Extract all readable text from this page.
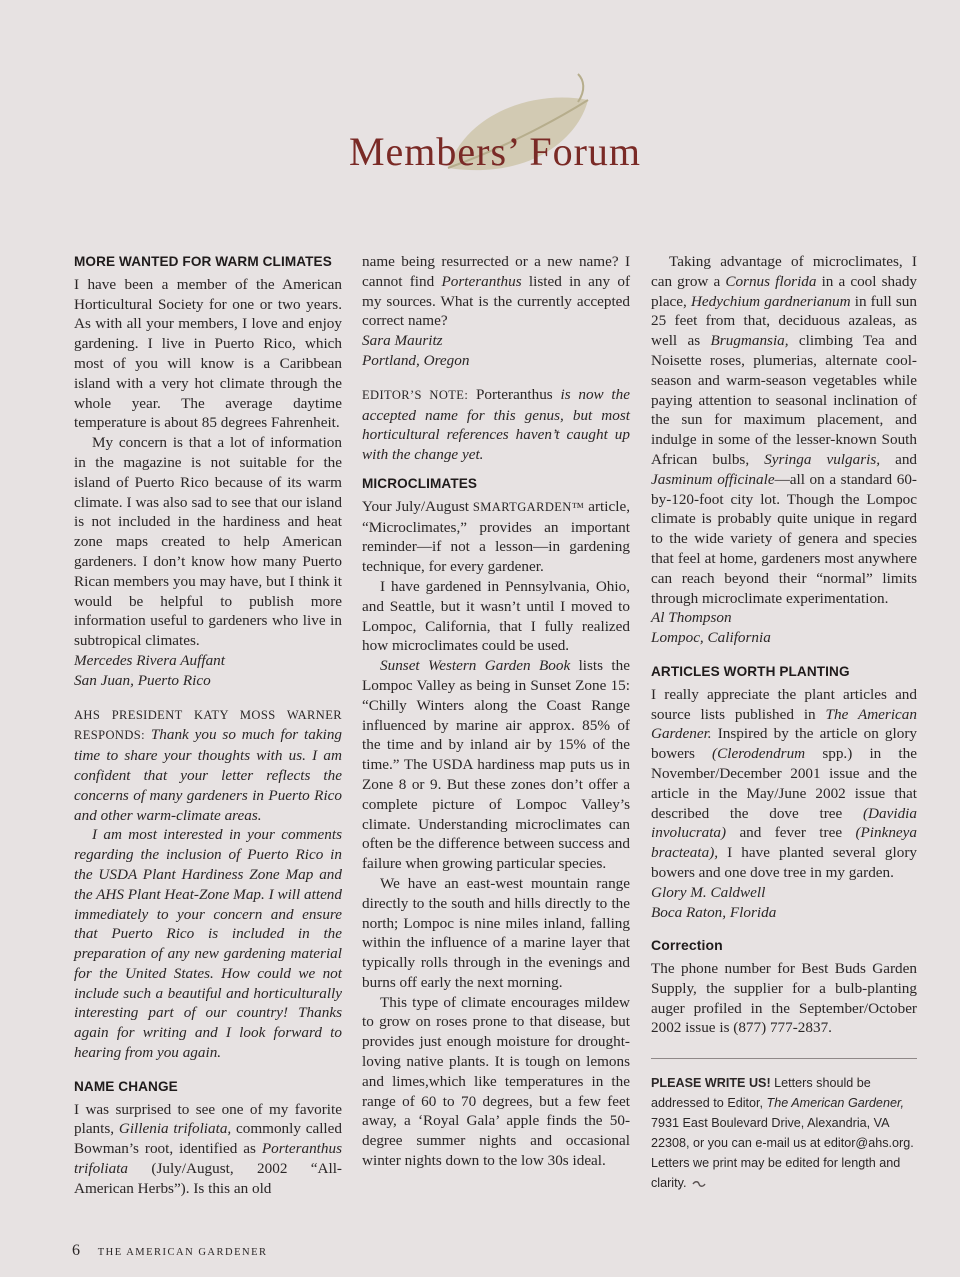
Members’ Forum
MORE WANTED FOR WARM CLIMATES

I have been a member of the American Horticultural Society for one or two years. As with all your members, I love and enjoy gardening. I live in Puerto Rico, which most of you will know is a Caribbean island with a very hot climate through the whole year. The average daytime temperature is about 85 degrees Fahrenheit.

My concern is that a lot of information in the magazine is not suitable for the island of Puerto Rico because of its warm climate. I was also sad to see that our island is not included in the hardiness and heat zone maps created to help American gardeners. I don’t know how many Puerto Rican members you may have, but I think it would be helpful to publish more information useful to gardeners who live in subtropical climates.

Mercedes Rivera Auffant

San Juan, Puerto Rico

AHS PRESIDENT KATY MOSS WARNER RESPONDS: Thank you so much for taking time to share your thoughts with us. I am confident that your letter reflects the concerns of many gardeners in Puerto Rico and other warm-climate areas.

I am most interested in your comments regarding the inclusion of Puerto Rico in the USDA Plant Hardiness Zone Map and the AHS Plant Heat-Zone Map. I will attend immediately to your concern and ensure that Puerto Rico is included in the preparation of any new gardening material for the United States. How could we not include such a beautiful and horticulturally interesting part of our country! Thanks again for writing and I look forward to hearing from you again.

NAME CHANGE

I was surprised to see one of my favorite plants, Gillenia trifoliata, commonly called Bowman’s root, identified as Porteranthus trifoliata (July/August, 2002 “All- American Herbs”). Is this an old

name being resurrected or a new name? I cannot find Porteranthus listed in any of my sources. What is the currently accepted correct name?

Sara Mauritz

Portland, Oregon

EDITOR’S NOTE: Porteranthus is now the accepted name for this genus, but most horticultural references haven’t caught up with the change yet.

MICROCLIMATES

Your July/August SMARTGARDEN™ article, “Microclimates,” provides an important reminder—if not a lesson—in gardening technique, for every gardener.

I have gardened in Pennsylvania, Ohio, and Seattle, but it wasn’t until I moved to Lompoc, California, that I fully realized how microclimates could be used.

Sunset Western Garden Book lists the Lompoc Valley as being in Sunset Zone 15: “Chilly Winters along the Coast Range influenced by marine air approx. 85% of the time and by inland air by 15% of the time.” The USDA hardiness map puts us in Zone 8 or 9. But these zones don’t offer a complete picture of Lompoc Valley’s climate. Understanding microclimates can often be the difference between success and failure when growing particular species.

We have an east-west mountain range directly to the south and hills directly to the north; Lompoc is nine miles inland, falling within the influence of a marine layer that typically rolls through in the evenings and burns off early the next morning.

This type of climate encourages mildew to grow on roses prone to that disease, but provides just enough moisture for drought-loving native plants. It is tough on lemons and limes,which like temperatures in the range of 60 to 70 degrees, but a few feet away, a ‘Royal Gala’ apple finds the 50-degree summer nights and occasional winter nights down to the low 30s ideal.

Taking advantage of microclimates, I can grow a Cornus florida in a cool shady place, Hedychium gardnerianum in full sun 25 feet from that, deciduous azaleas, as well as Brugmansia, climbing Tea and Noisette roses, plumerias, alternate cool-season and warm-season vegetables while paying attention to seasonal inclination of the sun for maximum placement, and indulge in some of the lesser-known South African bulbs, Syringa vulgaris, and Jasminum officinale—all on a standard 60-by-120-foot city lot. Though the Lompoc climate is probably quite unique in regard to the wide variety of genera and species that feel at home, gardeners most anywhere can reach beyond their “normal” limits through microclimate experimentation.

Al Thompson

Lompoc, California

ARTICLES WORTH PLANTING

I really appreciate the plant articles and source lists published in The American Gardener. Inspired by the article on glory bowers (Clerodendrum spp.) in the November/December 2001 issue and the article in the May/June 2002 issue that described the dove tree (Davidia involucrata) and fever tree (Pinkneya bracteata), I have planted several glory bowers and one dove tree in my garden.

Glory M. Caldwell

Boca Raton, Florida

Correction

The phone number for Best Buds Garden Supply, the supplier for a bulb-planting auger profiled in the September/October 2002 issue is (877) 777-2837.

PLEASE WRITE US! Letters should be addressed to Editor, The American Gardener, 7931 East Boulevard Drive, Alexandria, VA 22308, or you can e-mail us at editor@ahs.org. Letters we print may be edited for length and clarity.

6 THE AMERICAN GARDENER
